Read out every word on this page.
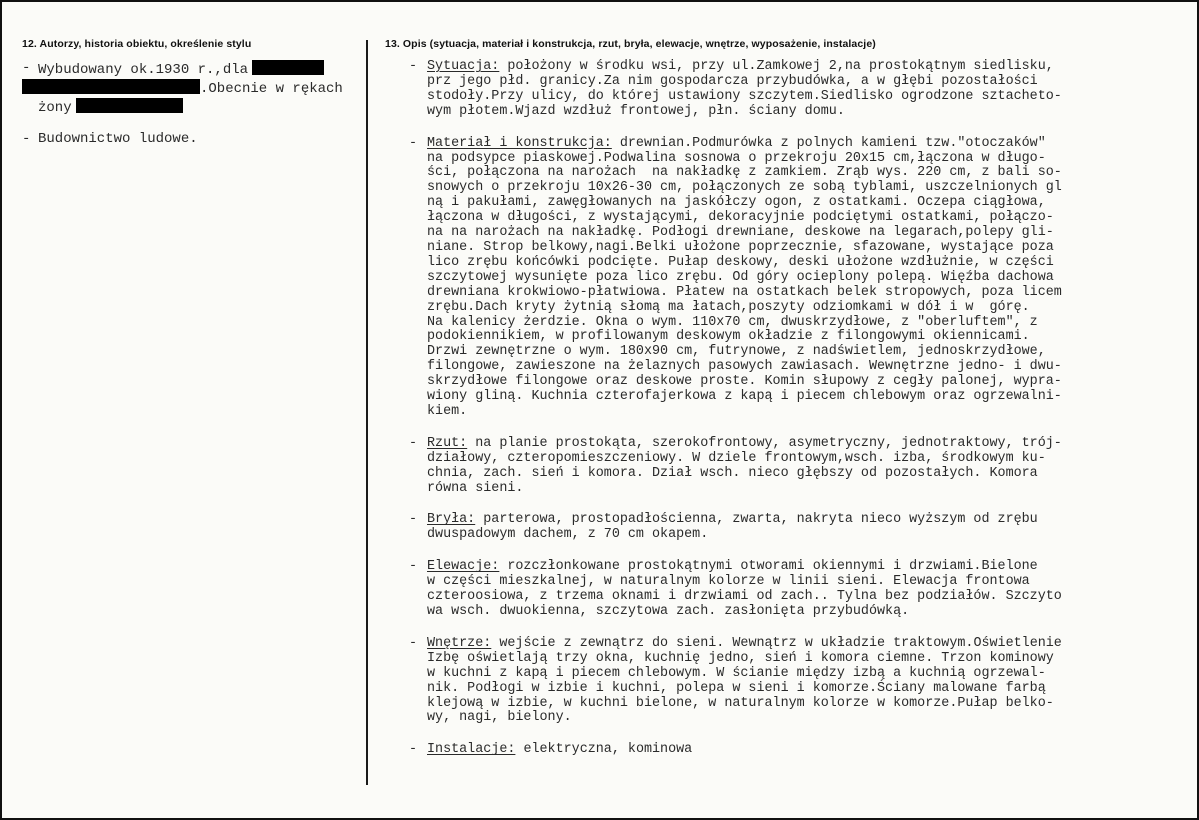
12. Autorzy, historia obiektu, określenie stylu	13. Opis (sytuacja, materiał i konstrukcja, rzut, bryła, elewacje, wnętrze, wyposażenie, instalacje)
- Wybudowany ok.1930 r.,dla
.Obecnie w rękach
żony
- Budownictwo ludowe.
- Sytuacja: położony w środku wsi, przy ul.Zamkowej 2,na prostokątnym siedlisku,
prz jego płd. granicy.Za nim gospodarcza przybudówka, a w głębi pozostałości
stodoły.Przy ulicy, do której ustawiony szczytem.Siedlisko ogrodzone sztacheto-
wym płotem.Wjazd wzdłuż frontowej, płn. ściany domu.
- Materiał i konstrukcja: drewnian.Podmurówka z polnych kamieni tzw."otoczaków"
na podsypce piaskowej.Podwalina sosnowa o przekroju 20x15 cm,łączona w długo-
ści, połączona na narożach  na nakładkę z zamkiem. Zrąb wys. 220 cm, z bali so-
snowych o przekroju 10x26-30 cm, połączonych ze sobą tyblami, uszczelnionych gl
ną i pakułami, zawęgłowanych na jaskółczy ogon, z ostatkami. Oczepa ciągłowa,
łączona w długości, z wystającymi, dekoracyjnie podciętymi ostatkami, połączo-
na na narożach na nakładkę. Podłogi drewniane, deskowe na legarach,polepy gli-
niane. Strop belkowy,nagi.Belki ułożone poprzecznie, sfazowane, wystające poza
lico zrębu końcówki podcięte. Pułap deskowy, deski ułożone wzdłużnie, w części
szczytowej wysunięte poza lico zrębu. Od góry ocieplony polepą. Więźba dachowa
drewniana krokwiowo-płatwiowa. Płatew na ostatkach belek stropowych, poza licem
zrębu.Dach kryty żytnią słomą ma łatach,poszyty odziomkami w dół i w  górę.
Na kalenicy żerdzie. Okna o wym. 110x70 cm, dwuskrzydłowe, z "oberluftem", z
podokiennikiem, w profilowanym deskowym okładzie z filongowymi okiennicami.
Drzwi zewnętrzne o wym. 180x90 cm, futrynowe, z nadświetlem, jednoskrzydłowe,
filongowe, zawieszone na żelaznych pasowych zawiasach. Wewnętrzne jedno- i dwu-
skrzydłowe filongowe oraz deskowe proste. Komin słupowy z cegły palonej, wypra-
wiony gliną. Kuchnia czterofajerkowa z kapą i piecem chlebowym oraz ogrzewalni-
kiem.
- Rzut: na planie prostokąta, szerokofrontowy, asymetryczny, jednotraktowy, trój-
działowy, czteropomieszczeniowy. W dziele frontowym,wsch. izba, środkowym ku-
chnia, zach. sień i komora. Dział wsch. nieco głębszy od pozostałych. Komora
równa sieni.
- Bryła: parterowa, prostopadłościenna, zwarta, nakryta nieco wyższym od zrębu
dwuspadowym dachem, z 70 cm okapem.
- Elewacje: rozczłonkowane prostokątnymi otworami okiennymi i drzwiami.Bielone
w części mieszkalnej, w naturalnym kolorze w linii sieni. Elewacja frontowa
czteroosiowa, z trzema oknami i drzwiami od zach.. Tylna bez podziałów. Szczyto
wa wsch. dwuokienna, szczytowa zach. zasłonięta przybudówką.
- Wnętrze: wejście z zewnątrz do sieni. Wewnątrz w układzie traktowym.Oświetlenie
Izbę oświetlają trzy okna, kuchnię jedno, sień i komora ciemne. Trzon kominowy
w kuchni z kapą i piecem chlebowym. W ścianie między izbą a kuchnią ogrzewal-
nik. Podłogi w izbie i kuchni, polepa w sieni i komorze.Ściany malowane farbą
klejową w izbie, w kuchni bielone, w naturalnym kolorze w komorze.Pułap belko-
wy, nagi, bielony.
- Instalacje: elektryczna, kominowa
